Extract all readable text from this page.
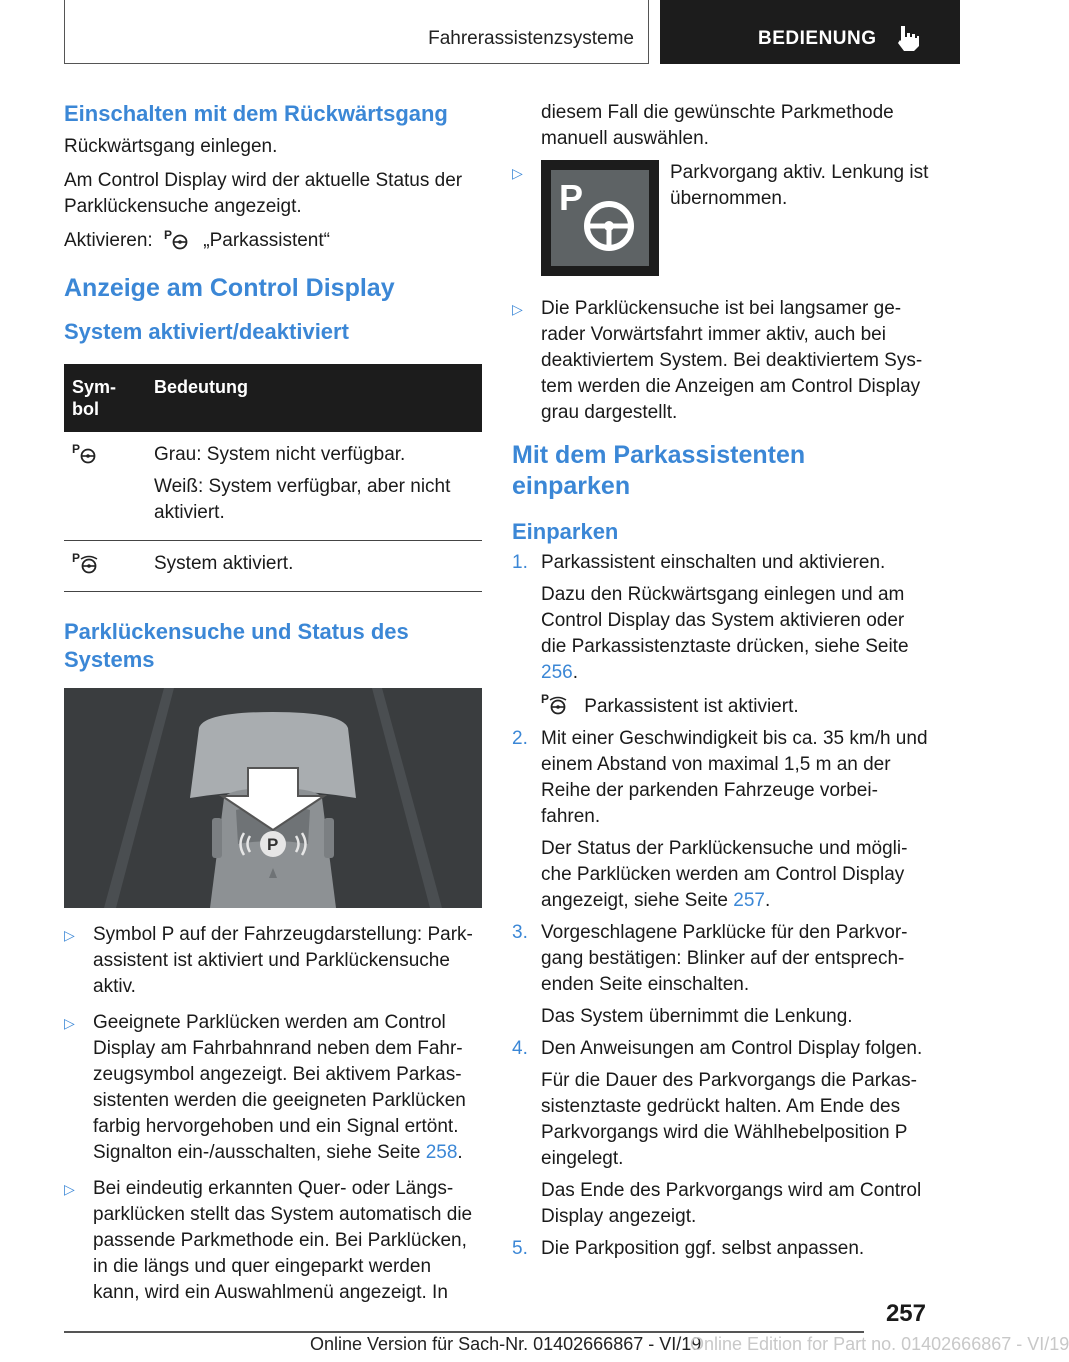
Fahrerassistenzsysteme	BEDIENUNG
Einschalten mit dem Rückwärtsgang

Rückwärtsgang einlegen.

Am Control Display wird der aktuelle Status der Parklückensuche angezeigt.

Aktivieren: P „Parkassistent“

Anzeige am Control Display
System aktiviert/deaktiviert
Sym-bol	Bedeutung

P	Grau: System nicht verfügbar.

Weiß: System verfügbar, aber nicht aktiviert.

P	System aktiviert.
Parklückensuche und Status des Systems
P
▷ Symbol P auf der Fahrzeugdarstellung: Park-assistent ist aktiviert und Parklückensuche aktiv.
▷ Geeignete Parklücken werden am Control Display am Fahrbahnrand neben dem Fahr-zeugsymbol angezeigt. Bei aktivem Parkas-sistenten werden die geeigneten Parklücken farbig hervorgehoben und ein Signal ertönt. Signalton ein-/ausschalten, siehe Seite 258.
▷ Bei eindeutig erkannten Quer- oder Längs-parklücken stellt das System automatisch die passende Parkmethode ein. Bei Parklücken, in die längs und quer eingeparkt werden kann, wird ein Auswahlmenü angezeigt. In

diesem Fall die gewünschte Parkmethode manuell auswählen.

▷
P
Parkvorgang aktiv. Lenkung ist übernommen.
▷ Die Parklückensuche ist bei langsamer ge-rader Vorwärtsfahrt immer aktiv, auch bei deaktiviertem System. Bei deaktiviertem Sys-tem werden die Anzeigen am Control Display grau dargestellt.
Mit dem Parkassistenten einparken
Einparken
1. Parkassistent einschalten und aktivieren.

Dazu den Rückwärtsgang einlegen und am Control Display das System aktivieren oder die Parkassistenztaste drücken, siehe Seite 256.

P Parkassistent ist aktiviert.

2. Mit einer Geschwindigkeit bis ca. 35 km/h und einem Abstand von maximal 1,5 m an der Reihe der parkenden Fahrzeuge vorbei-fahren.

Der Status der Parklückensuche und mögli-che Parklücken werden am Control Display angezeigt, siehe Seite 257.

3. Vorgeschlagene Parklücke für den Parkvor-gang bestätigen: Blinker auf der entsprech-enden Seite einschalten.

Das System übernimmt die Lenkung.

4. Den Anweisungen am Control Display folgen.

Für die Dauer des Parkvorgangs die Parkas-sistenztaste gedrückt halten. Am Ende des Parkvorgangs wird die Wählhebelposition P eingelegt.

Das Ende des Parkvorgangs wird am Control Display angezeigt.

5. Die Parkposition ggf. selbst anpassen.

257
Online Version für Sach-Nr. 01402666867 - VI/19
Online Edition for Part no. 01402666867 - VI/19
